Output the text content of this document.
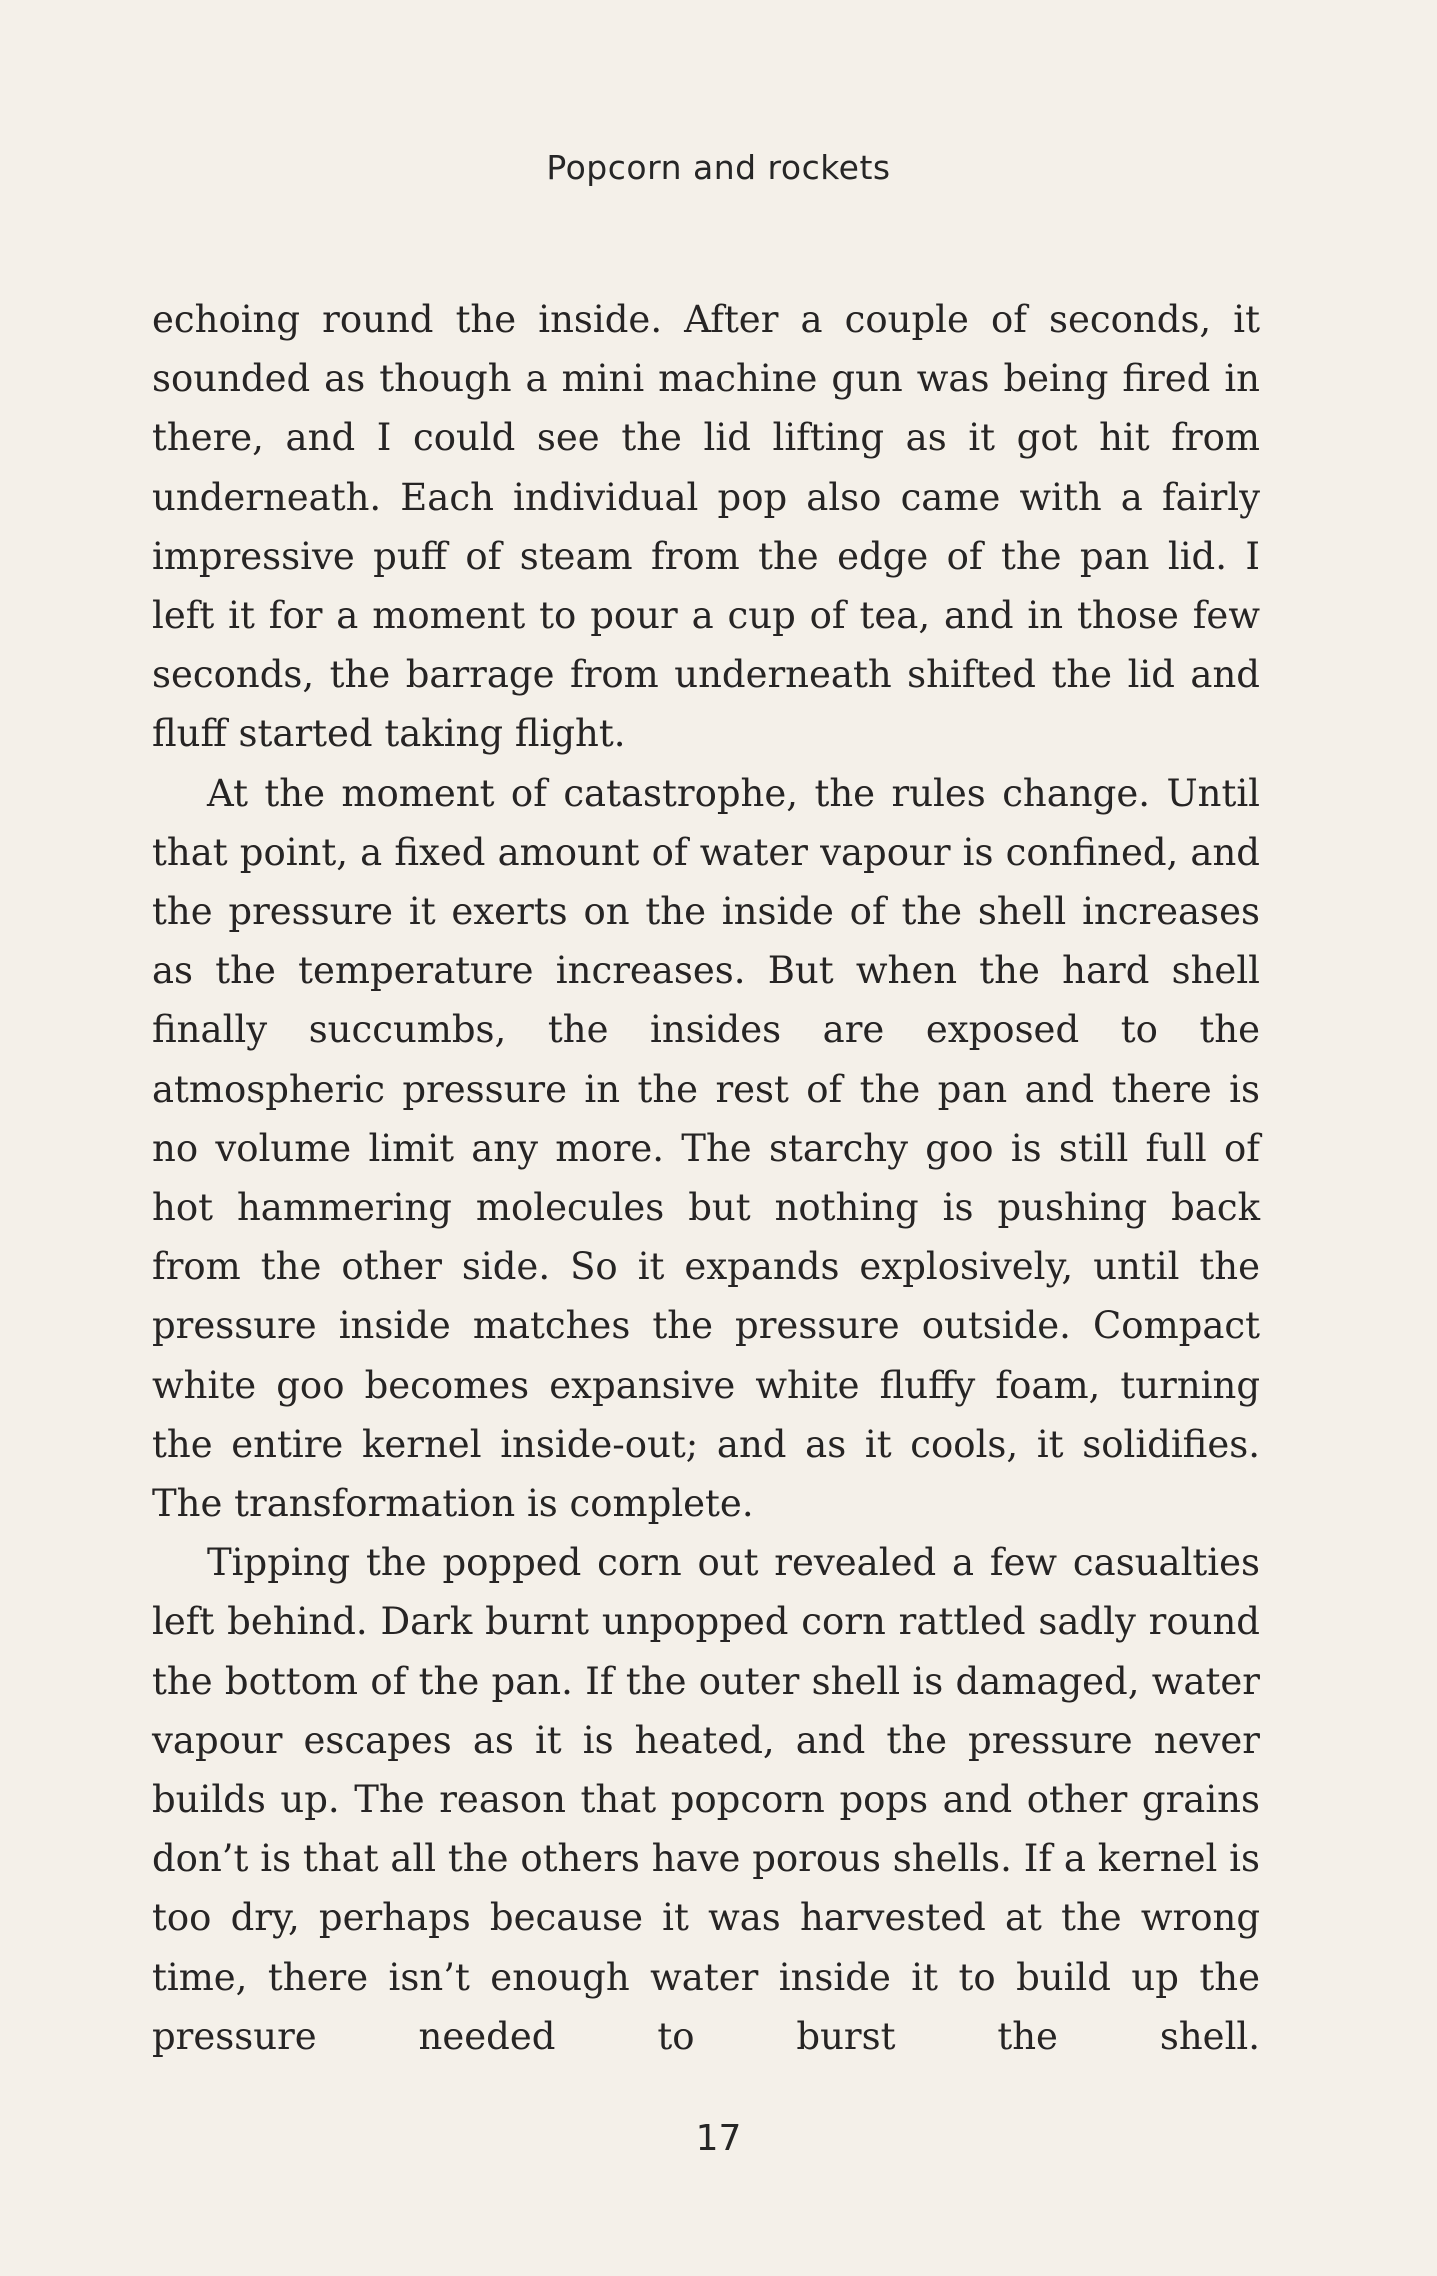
Popcorn and rockets

echoing round the inside. After a couple of seconds, it sounded as though a mini machine gun was being fired in there, and I could see the lid lifting as it got hit from underneath. Each individual pop also came with a fairly impressive puff of steam from the edge of the pan lid. I left it for a moment to pour a cup of tea, and in those few seconds, the barrage from underneath shifted the lid and fluff started taking flight.

At the moment of catastrophe, the rules change. Until that point, a fixed amount of water vapour is confined, and the pressure it exerts on the inside of the shell increases as the temperature increases. But when the hard shell finally succumbs, the insides are exposed to the atmospheric pressure in the rest of the pan and there is no volume limit any more. The starchy goo is still full of hot hammering molecules but nothing is pushing back from the other side. So it expands explosively, until the pressure inside matches the pressure outside. Compact white goo becomes expansive white fluffy foam, turning the entire kernel inside-out; and as it cools, it solidifies. The transformation is complete.

Tipping the popped corn out revealed a few casualties left behind. Dark burnt unpopped corn rattled sadly round the bottom of the pan. If the outer shell is damaged, water vapour escapes as it is heated, and the pressure never builds up. The reason that popcorn pops and other grains don’t is that all the others have porous shells. If a kernel is too dry, perhaps because it was harvested at the wrong time, there isn’t enough water inside it to build up the pressure needed to burst the shell.

17
